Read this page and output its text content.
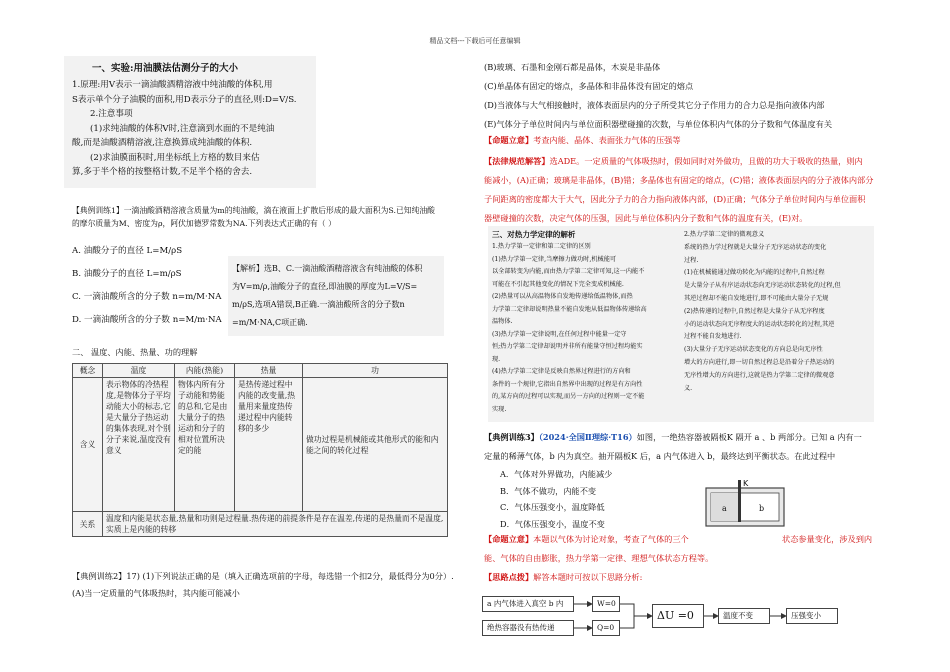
精品文档---下载后可任意编辑
一、实验:用油膜法估测分子的大小
1.原理:用V表示一滴油酸酒精溶液中纯油酸的体积,用
S表示单个分子油膜的面积,用D表示分子的直径,则:D=V/S.
2.注意事项
(1)求纯油酸的体积V时,注意滴到水面的不是纯油
酸,而是油酸酒精溶液,注意换算成纯油酸的体积.
(2)求油膜面积时,用坐标纸上方格的数目来估
算,多于半个格的按整格计数,不足半个格的舍去.
【典例训练1】一滴油酸酒精溶液含质量为m的纯油酸，滴在液面上扩散后形成的最大面积为S.已知纯油酸
的摩尔质量为M、密度为ρ，阿伏加德罗常数为NA.下列表达式正确的有（ ）
A. 油酸分子的直径 L=M/ρS
B. 油酸分子的直径 L=m/ρS
C. 一滴油酸所含的分子数 n=m/M·NA
D. 一滴油酸所含的分子数 n=M/m·NA
【解析】选B、C.一滴油酸酒精溶液含有纯油酸的体积
为V=m/ρ,油酸分子的直径,即油膜的厚度为L=V/S=
m/ρS,选项A错误,B正确.一滴油酸所含的分子数n
=m/M·NA,C项正确.
二、 温度、内能、热量、功的理解
概念	温度	内能(热能)	热量	功
含义	表示物体的冷热程度,是物体分子平均动能大小的标志,它是大量分子热运动的集体表现,对个别分子来说,温度没有意义	物体内所有分子动能和势能的总和,它是由大量分子的热运动和分子的相对位置所决定的能	是热传递过程中内能的改变量,热量用来量度热传递过程中内能转移的多少	做功过程是机械能或其他形式的能和内能之间的转化过程
关系	温度和内能是状态量,热量和功则是过程量.热传递的前提条件是存在温差,传递的是热量而不是温度,实质上是内能的转移			
【典例训练2】17) (1)下列说法正确的是（填入正确选项前的字母，每选错一个扣2分，最低得分为0分）.
(A)当一定质量的气体吸热时，其内能可能减小
(B)玻璃、石墨和金刚石都是晶体，木炭是非晶体
(C)单晶体有固定的熔点，多晶体和非晶体没有固定的熔点
(D)当液体与大气相接触时，液体表面层内的分子所受其它分子作用力的合力总是指向液体内部
(E)气体分子单位时间内与单位面积器壁碰撞的次数，与单位体积内气体的分子数和气体温度有关
【命题立意】考查内能、晶体、表面张力气体的压强等
【法律规范解答】选ADE。一定质量的气体吸热时，假如同时对外做功，且做的功大于吸收的热量，则内
能减小，(A)正确；玻璃是非晶体，(B)错；多晶体也有固定的熔点，(C)错；液体表面层内的分子液体内部分
子间距离的密度都大于大气，因此分子力的合力指向液体内部，(D)正确；气体分子单位时间内与单位面积
器壁碰撞的次数，决定气体的压强，因此与单位体积内分子数和气体的温度有关，(E)对。
三、对热力学定律的解析
1.热力学第一定律和第二定律的区别
(1)热力学第一定律,当摩擦力做功时,机械能可
以全部转变为内能,而由热力学第二定律可知,这一内能不
可能在不引起其他变化的情况下完全变成机械能.
(2)热量可以从高温物体自发地传递给低温物体,而热
力学第二定律却说明热量不能自发地从低温物体传递给高
温物体.
(3)热力学第一定律说明,在任何过程中能量一定守
恒;热力学第二定律却说明并非所有能量守恒过程均能实
现.
(4)热力学第二定律是反映自然界过程进行的方向和
条件的一个规律,它指出自然界中出现的过程是有方向性
的,某方向的过程可以实现,而另一方向的过程则一定不能
实现.
2.热力学第二定律的微观意义
系统的热力学过程就是大量分子无序运动状态的变化
过程.
(1)在机械能通过做功转化为内能的过程中,自然过程
是大量分子从有序运动状态向无序运动状态转化的过程,但
其逆过程却不能自发地进行,即不可能由大量分子无规
(2)热传递的过程中,自然过程是大量分子从无序程度
小的运动状态向无序程度大的运动状态转化的过程,其逆
过程不能自发地进行.
(3)大量分子无序运动状态变化的方向总是向无序性
增大的方向进行,即一切自然过程总是沿着分子热运动的
无序性增大的方向进行,这就是热力学第二定律的微观意
义.
【典例训练3】（2024·全国Ⅱ理综·T16）如图，一绝热容器被隔板K 隔开 a 、b 两部分。已知 a 内有一
定量的稀薄气体，b 内为真空。抽开隔板K 后，a 内气体进入 b，最终达到平衡状态。在此过程中
A．气体对外界做功，内能减少
B．气体不做功，内能不变
C．气体压强变小，温度降低
D．气体压强变小，温度不变
K
a	b
【命题立意】本题以气体为讨论对象，考查了气体的三个	状态参量变化，涉及到内
能、气体的自由膨胀，热力学第一定律、理想气体状态方程等。
【思路点拨】解答本题时可按以下思路分析:
a 内气体进入真空 b 内
绝热容器没有热传递
W=0
Q=0
ΔU =0	温度不变	压强变小
